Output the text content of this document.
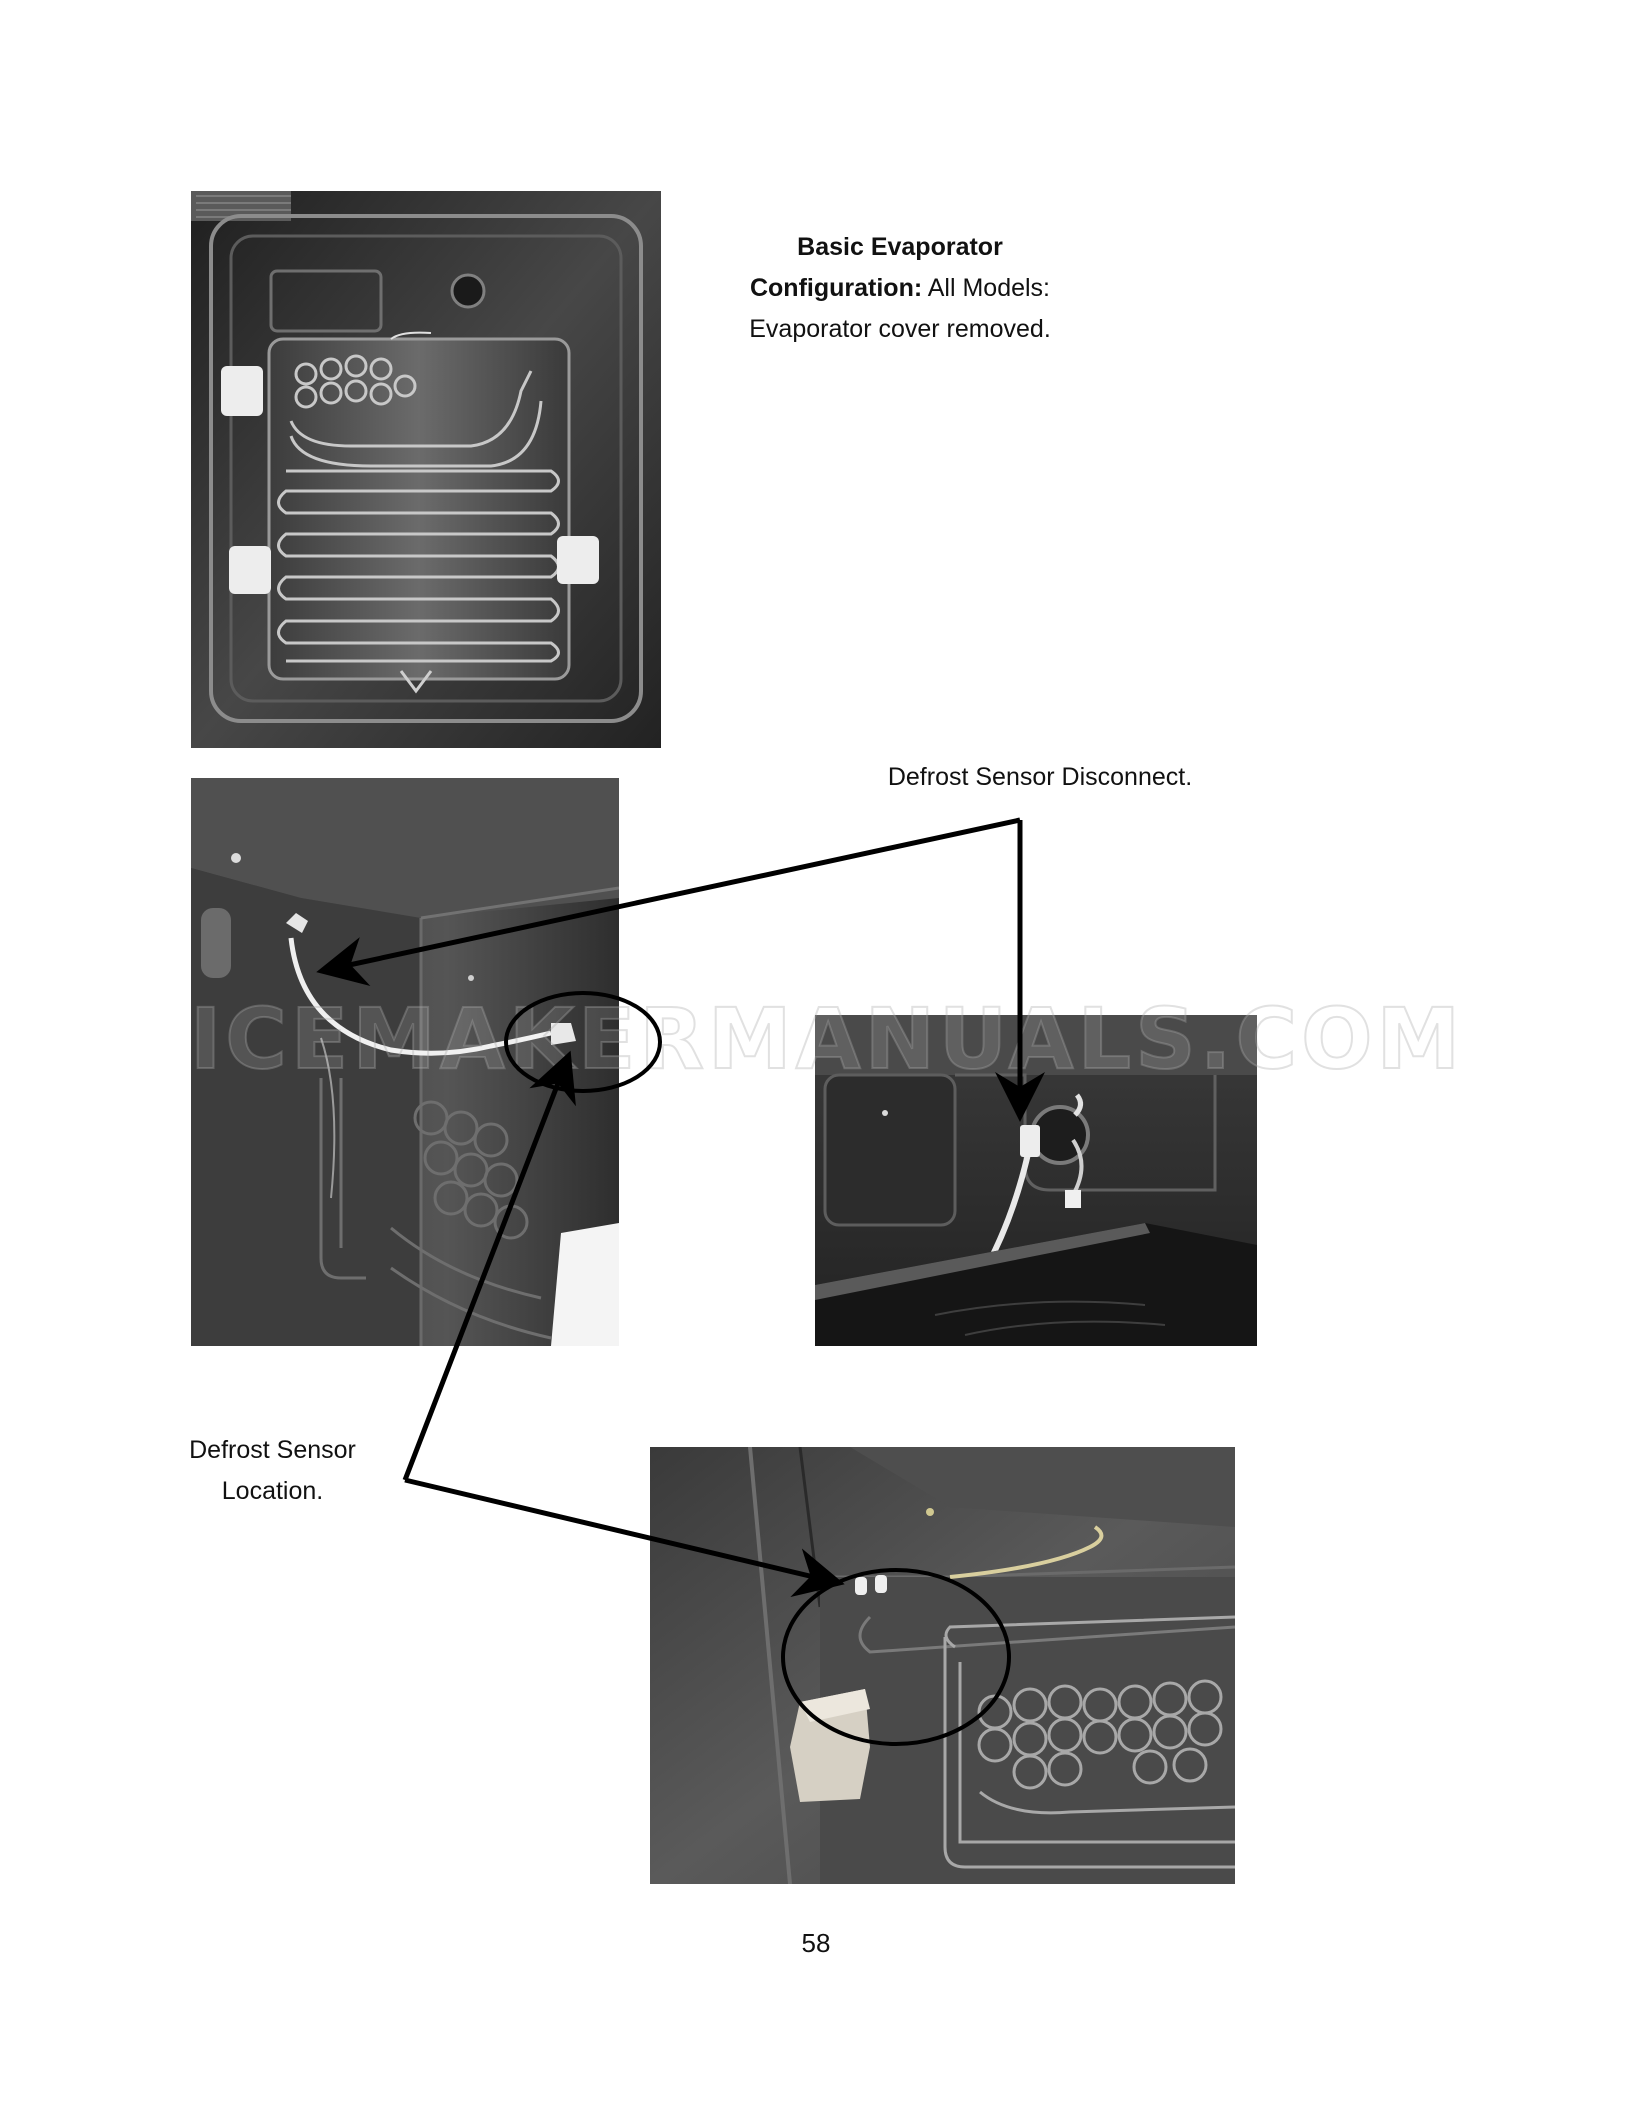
Basic Evaporator
Configuration: All Models:
Evaporator cover removed.
Defrost Sensor Disconnect.
Defrost Sensor
Location.
58
